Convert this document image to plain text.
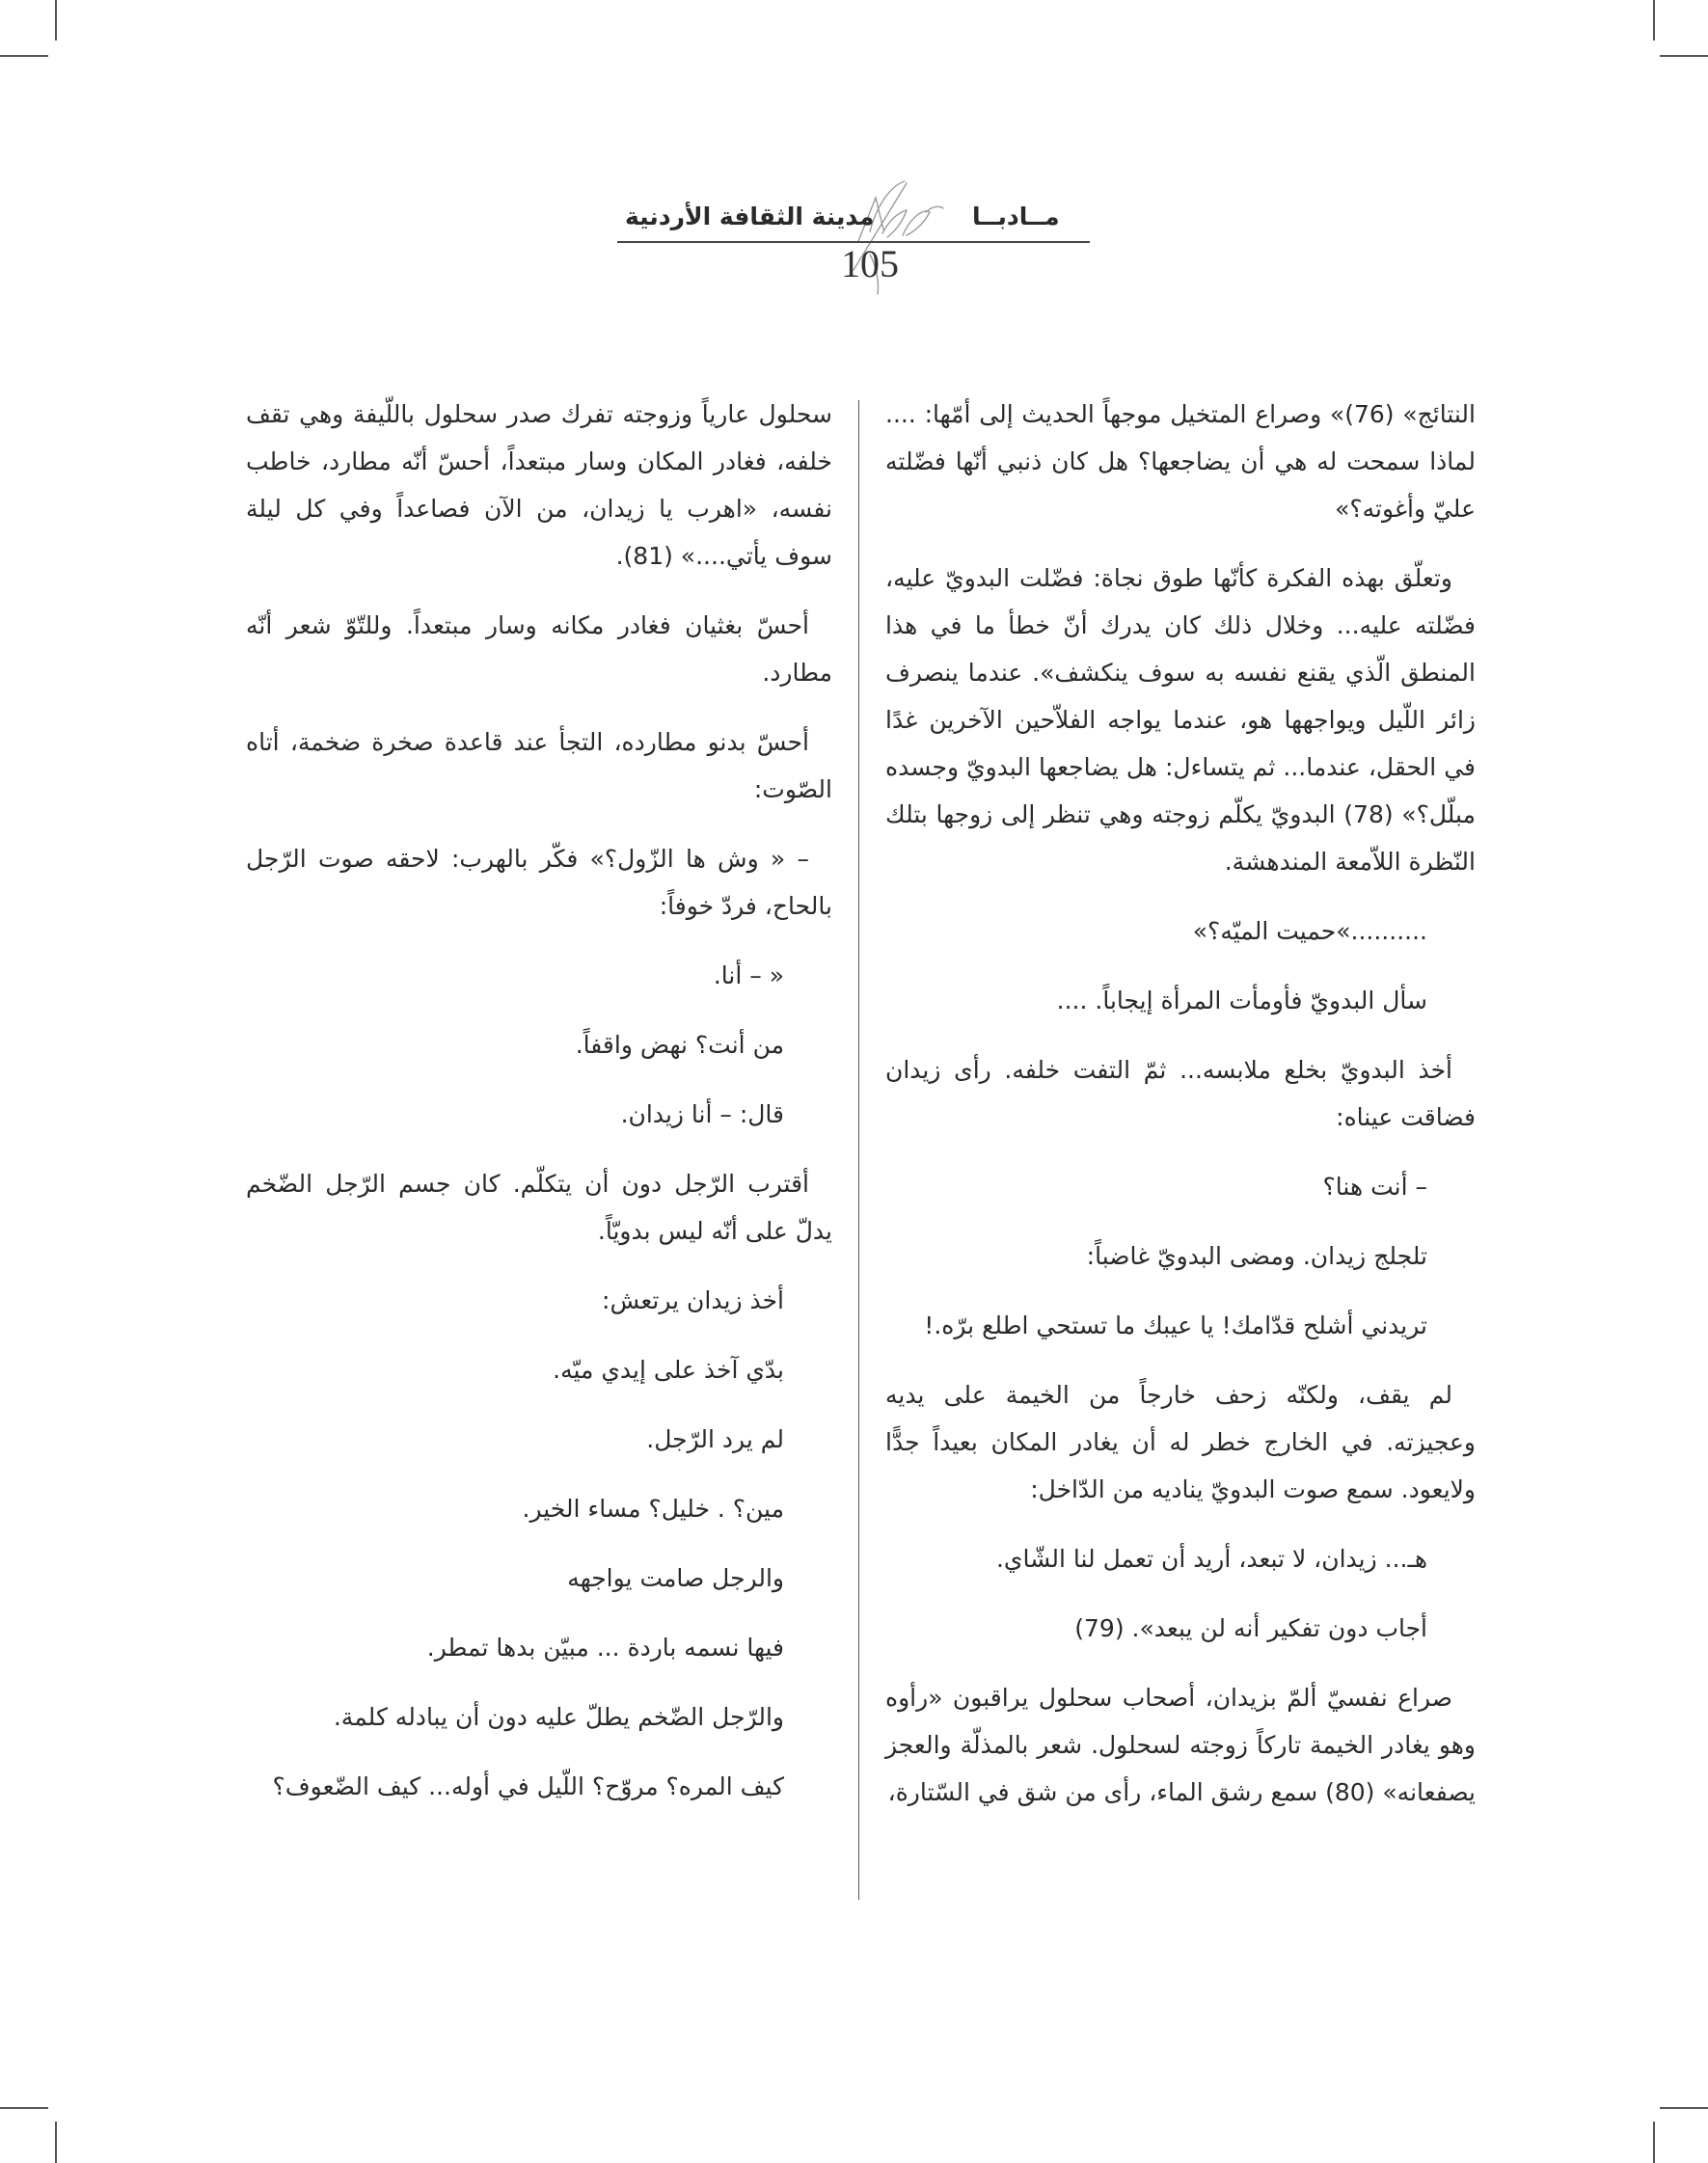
مدينة الثقافة الأردنية	مــادبــا
105

النتائج» (76)» وصراع المتخيل موجهاً الحديث إلى أمّها: .... لماذا سمحت له هي أن يضاجعها؟ هل كان ذنبي أنّها فضّلته عليّ وأغوته؟»

وتعلّق بهذه الفكرة كأنّها طوق نجاة: فضّلت البدويّ عليه، فضّلته عليه... وخلال ذلك كان يدرك أنّ خطأ ما في هذا المنطق الّذي يقنع نفسه به سوف ينكشف». عندما ينصرف زائر اللّيل ويواجهها هو، عندما يواجه الفلاّحين الآخرين غدًا في الحقل، عندما... ثم يتساءل: هل يضاجعها البدويّ وجسده مبلّل؟» (78) البدويّ يكلّم زوجته وهي تنظر إلى زوجها بتلك النّظرة اللاّمعة المندهشة.

..........»حميت الميّه؟»

سأل البدويّ فأومأت المرأة إيجاباً. ....

أخذ البدويّ بخلع ملابسه... ثمّ التفت خلفه. رأى زيدان فضاقت عيناه:

– أنت هنا؟

تلجلج زيدان. ومضى البدويّ غاضباً:

تريدني أشلح قدّامك! يا عيبك ما تستحي اطلع برّه.!

لم يقف، ولكنّه زحف خارجاً من الخيمة على يديه وعجيزته. في الخارج خطر له أن يغادر المكان بعيداً جدًّا ولايعود. سمع صوت البدويّ يناديه من الدّاخل:

هـ... زيدان، لا تبعد، أريد أن تعمل لنا الشّاي.

أجاب دون تفكير أنه لن يبعد». (79)

صراع نفسيّ ألمّ بزيدان، أصحاب سحلول يراقبون «رأوه وهو يغادر الخيمة تاركاً زوجته لسحلول. شعر بالمذلّة والعجز يصفعانه» (80) سمع رشق الماء، رأى من شق في السّتارة،

سحلول عارياً وزوجته تفرك صدر سحلول باللّيفة وهي تقف خلفه، فغادر المكان وسار مبتعداً، أحسّ أنّه مطارد، خاطب نفسه، «اهرب يا زيدان، من الآن فصاعداً وفي كل ليلة سوف يأتي....» (81).

أحسّ بغثيان فغادر مكانه وسار مبتعداً. وللتّوّ شعر أنّه مطارد.

أحسّ بدنو مطارده، التجأ عند قاعدة صخرة ضخمة، أتاه الصّوت:

– « وش ها الزّول؟» فكّر بالهرب: لاحقه صوت الرّجل بالحاح، فردّ خوفاً:

« – أنا.

من أنت؟ نهض واقفاً.

قال: – أنا زيدان.

أقترب الرّجل دون أن يتكلّم. كان جسم الرّجل الضّخم يدلّ على أنّه ليس بدويّاً.

أخذ زيدان يرتعش:

بدّي آخذ على إيدي ميّه.

لم يرد الرّجل.

مين؟ . خليل؟ مساء الخير.

والرجل صامت يواجهه

فيها نسمه باردة ... مبيّن بدها تمطر.

والرّجل الضّخم يطلّ عليه دون أن يبادله كلمة.

كيف المره؟ مروّح؟ اللّيل في أوله... كيف الضّعوف؟
